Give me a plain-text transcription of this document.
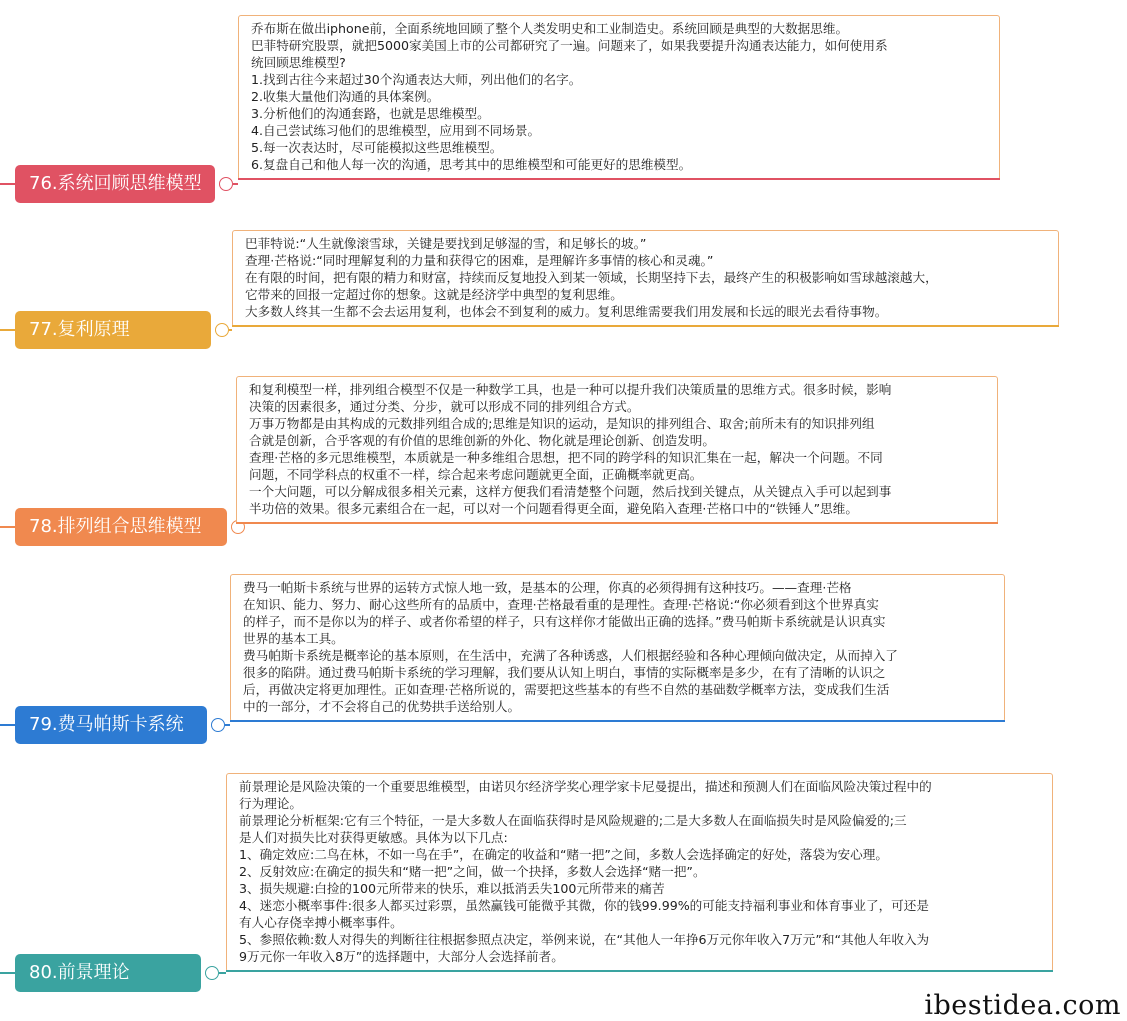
76.系统回顾思维模型
乔布斯在做出iphone前，全面系统地回顾了整个人类发明史和工业制造史。系统回顾是典型的大数据思维。
巴菲特研究股票，就把5000家美国上市的公司都研究了一遍。问题来了，如果我要提升沟通表达能力，如何使用系
统回顾思维模型?
1.找到古往今来超过30个沟通表达大师，列出他们的名字。
2.收集大量他们沟通的具体案例。
3.分析他们的沟通套路，也就是思维模型。
4.自己尝试练习他们的思维模型，应用到不同场景。
5.每一次表达时，尽可能模拟这些思维模型。
6.复盘自己和他人每一次的沟通，思考其中的思维模型和可能更好的思维模型。
77.复利原理
巴菲特说:“人生就像滚雪球，关键是要找到足够湿的雪，和足够长的坡。”
查理·芒格说:“同时理解复利的力量和获得它的困难，是理解许多事情的核心和灵魂。”
在有限的时间，把有限的精力和财富，持续而反复地投入到某一领域，长期坚持下去，最终产生的积极影响如雪球越滚越大，
它带来的回报一定超过你的想象。这就是经济学中典型的复利思维。
大多数人终其一生都不会去运用复利，也体会不到复利的威力。复利思维需要我们用发展和长远的眼光去看待事物。
78.排列组合思维模型
和复利模型一样，排列组合模型不仅是一种数学工具，也是一种可以提升我们决策质量的思维方式。很多时候，影响
决策的因素很多，通过分类、分步，就可以形成不同的排列组合方式。
万事万物都是由其构成的元数排列组合成的;思维是知识的运动，是知识的排列组合、取舍;前所未有的知识排列组
合就是创新，合乎客观的有价值的思维创新的外化、物化就是理论创新、创造发明。
查理·芒格的多元思维模型，本质就是一种多维组合思想，把不同的跨学科的知识汇集在一起，解决一个问题。不同
问题，不同学科点的权重不一样，综合起来考虑问题就更全面，正确概率就更高。
一个大问题，可以分解成很多相关元素，这样方便我们看清楚整个问题，然后找到关键点，从关键点入手可以起到事
半功倍的效果。很多元素组合在一起，可以对一个问题看得更全面，避免陷入查理·芒格口中的“铁锤人”思维。
79.费马帕斯卡系统
费马一帕斯卡系统与世界的运转方式惊人地一致，是基本的公理，你真的必须得拥有这种技巧。——查理·芒格
在知识、能力、努力、耐心这些所有的品质中，查理·芒格最看重的是理性。查理·芒格说:“你必须看到这个世界真实
的样子，而不是你以为的样子、或者你希望的样子，只有这样你才能做出正确的选择。”费马帕斯卡系统就是认识真实
世界的基本工具。
费马帕斯卡系统是概率论的基本原则，在生活中，充满了各种诱惑，人们根据经验和各种心理倾向做决定，从而掉入了
很多的陷阱。通过费马帕斯卡系统的学习理解，我们要从认知上明白，事情的实际概率是多少，在有了清晰的认识之
后，再做决定将更加理性。正如查理·芒格所说的，需要把这些基本的有些不自然的基础数学概率方法，变成我们生活
中的一部分，才不会将自己的优势拱手送给别人。
80.前景理论
前景理论是风险决策的一个重要思维模型，由诺贝尔经济学奖心理学家卡尼曼提出，描述和预测人们在面临风险决策过程中的
行为理论。
前景理论分析框架:它有三个特征，一是大多数人在面临获得时是风险规避的;二是大多数人在面临损失时是风险偏爱的;三
是人们对损失比对获得更敏感。具体为以下几点:
1、确定效应:二鸟在林，不如一鸟在手”，在确定的收益和“赌一把”之间，多数人会选择确定的好处，落袋为安心理。
2、反射效应:在确定的损失和“赌一把”之间，做一个抉择，多数人会选择“赌一把”。
3、损失规避:白捡的100元所带来的快乐，难以抵消丢失100元所带来的痛苦
4、迷恋小概率事件:很多人都买过彩票，虽然赢钱可能微乎其微，你的钱99.99%的可能支持福利事业和体育事业了，可还是
有人心存侥幸搏小概率事件。
5、参照依赖:数人对得失的判断往往根据参照点决定，举例来说，在“其他人一年挣6万元你年收入7万元”和“其他人年收入为
9万元你一年收入8万”的选择题中，大部分人会选择前者。
ibestidea.com
